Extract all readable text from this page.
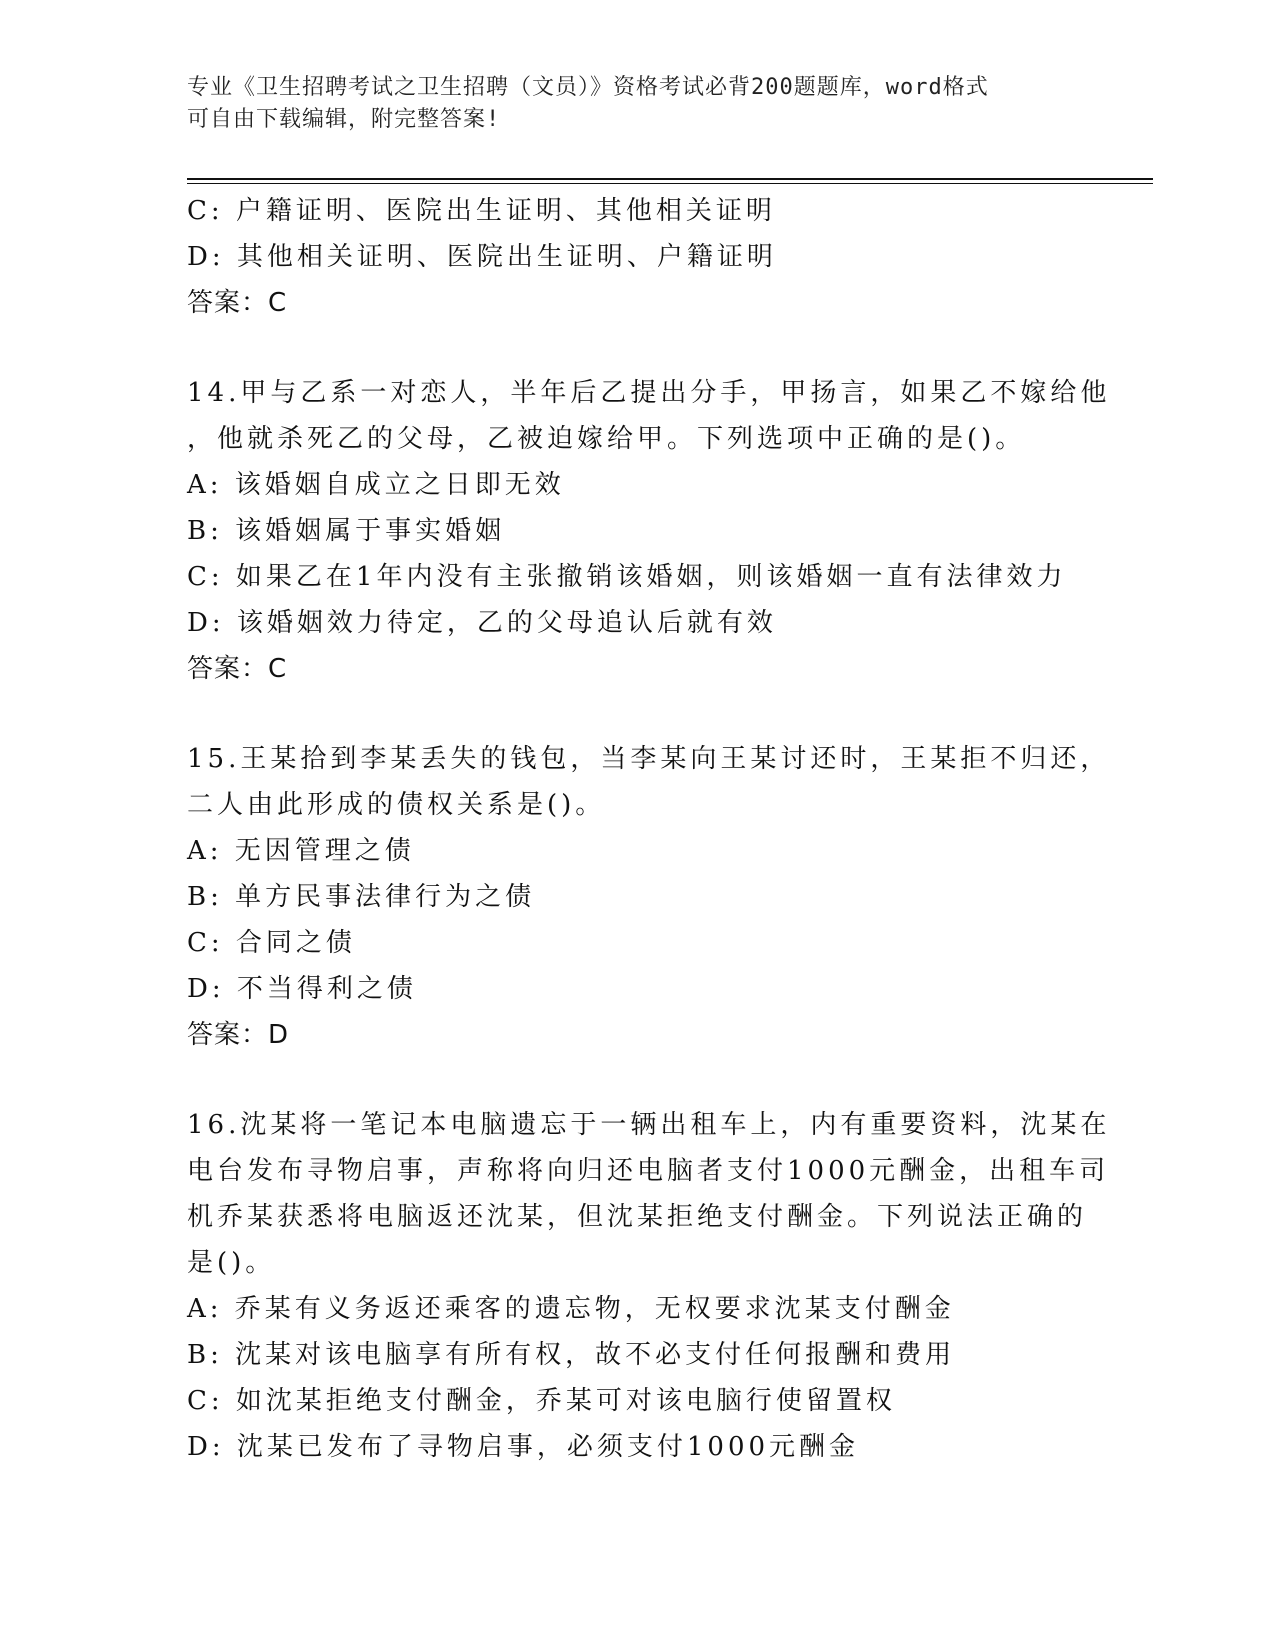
专业《卫生招聘考试之卫生招聘（文员）》资格考试必背200题题库，word格式
可自由下载编辑，附完整答案!
C: 户籍证明、医院出生证明、其他相关证明
D: 其他相关证明、医院出生证明、户籍证明
答案：C
14.甲与乙系一对恋人，半年后乙提出分手，甲扬言，如果乙不嫁给他
，他就杀死乙的父母，乙被迫嫁给甲。下列选项中正确的是()。
A: 该婚姻自成立之日即无效
B: 该婚姻属于事实婚姻
C: 如果乙在1年内没有主张撤销该婚姻，则该婚姻一直有法律效力
D: 该婚姻效力待定，乙的父母追认后就有效
答案：C
15.王某拾到李某丢失的钱包，当李某向王某讨还时，王某拒不归还，
二人由此形成的债权关系是()。
A: 无因管理之债
B: 单方民事法律行为之债
C: 合同之债
D: 不当得利之债
答案：D
16.沈某将一笔记本电脑遗忘于一辆出租车上，内有重要资料，沈某在
电台发布寻物启事，声称将向归还电脑者支付1000元酬金，出租车司
机乔某获悉将电脑返还沈某，但沈某拒绝支付酬金。下列说法正确的
是()。
A: 乔某有义务返还乘客的遗忘物，无权要求沈某支付酬金
B: 沈某对该电脑享有所有权，故不必支付任何报酬和费用
C: 如沈某拒绝支付酬金，乔某可对该电脑行使留置权
D: 沈某已发布了寻物启事，必须支付1000元酬金
